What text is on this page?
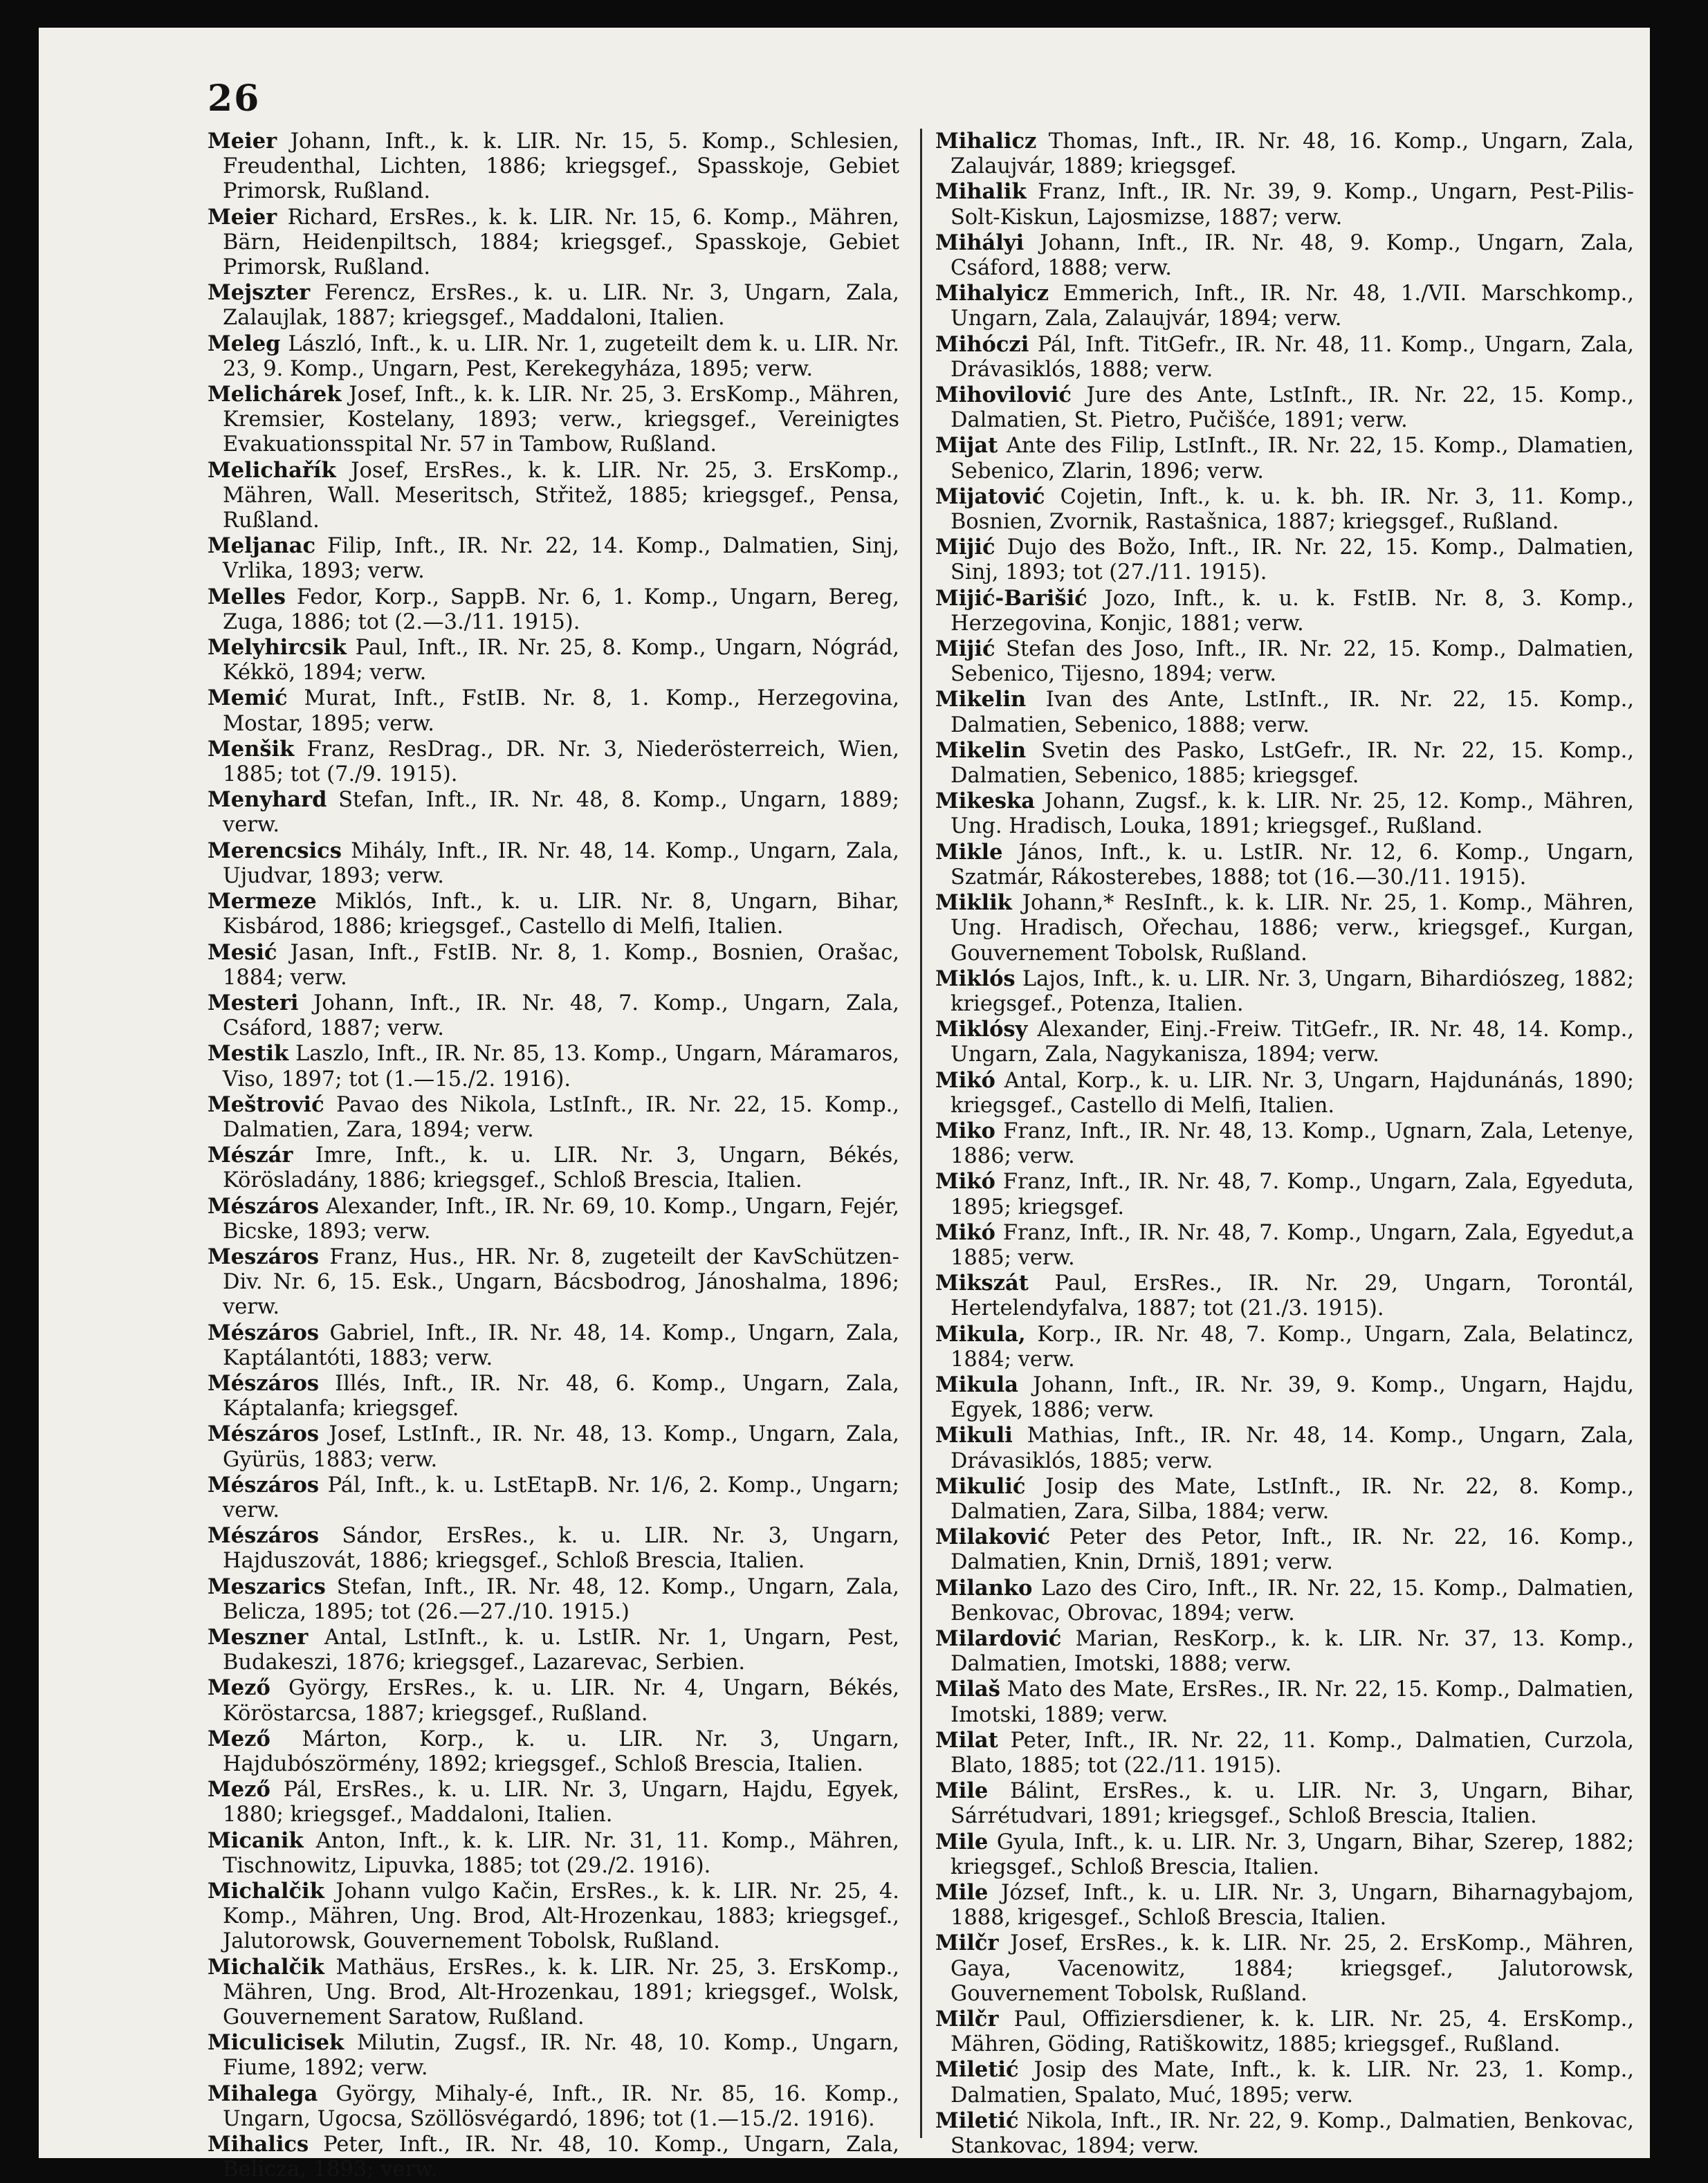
26

Meier Johann, Inft., k. k. LIR. Nr. 15, 5. Komp., Schlesien, Freudenthal, Lichten, 1886; kriegsgef., Spasskoje, Gebiet Primorsk, Rußland.

Meier Richard, ErsRes., k. k. LIR. Nr. 15, 6. Komp., Mähren, Bärn, Heidenpiltsch, 1884; kriegsgef., Spasskoje, Gebiet Primorsk, Rußland.

Mejszter Ferencz, ErsRes., k. u. LIR. Nr. 3, Ungarn, Zala, Zalaujlak, 1887; kriegsgef., Maddaloni, Italien.

Meleg László, Inft., k. u. LIR. Nr. 1, zugeteilt dem k. u. LIR. Nr. 23, 9. Komp., Ungarn, Pest, Kerekegyháza, 1895; verw.

Melichárek Josef, Inft., k. k. LIR. Nr. 25, 3. ErsKomp., Mähren, Kremsier, Kostelany, 1893; verw., kriegsgef., Vereinigtes Evakuationsspital Nr. 57 in Tambow, Rußland.

Melichařík Josef, ErsRes., k. k. LIR. Nr. 25, 3. ErsKomp., Mähren, Wall. Meseritsch, Střitež, 1885; kriegsgef., Pensa, Rußland.

Meljanac Filip, Inft., IR. Nr. 22, 14. Komp., Dalmatien, Sinj, Vrlika, 1893; verw.

Melles Fedor, Korp., SappB. Nr. 6, 1. Komp., Ungarn, Bereg, Zuga, 1886; tot (2.—3./11. 1915).

Melyhircsik Paul, Inft., IR. Nr. 25, 8. Komp., Ungarn, Nógrád, Kékkö, 1894; verw.

Memić Murat, Inft., FstIB. Nr. 8, 1. Komp., Herzegovina, Mostar, 1895; verw.

Menšik Franz, ResDrag., DR. Nr. 3, Niederösterreich, Wien, 1885; tot (7./9. 1915).

Menyhard Stefan, Inft., IR. Nr. 48, 8. Komp., Ungarn, 1889; verw.

Merencsics Mihály, Inft., IR. Nr. 48, 14. Komp., Ungarn, Zala, Ujudvar, 1893; verw.

Mermeze Miklós, Inft., k. u. LIR. Nr. 8, Ungarn, Bihar, Kisbárod, 1886; kriegsgef., Castello di Melfi, Italien.

Mesić Jasan, Inft., FstIB. Nr. 8, 1. Komp., Bosnien, Orašac, 1884; verw.

Mesteri Johann, Inft., IR. Nr. 48, 7. Komp., Ungarn, Zala, Csáford, 1887; verw.

Mestik Laszlo, Inft., IR. Nr. 85, 13. Komp., Ungarn, Máramaros, Viso, 1897; tot (1.—15./2. 1916).

Meštrović Pavao des Nikola, LstInft., IR. Nr. 22, 15. Komp., Dalmatien, Zara, 1894; verw.

Mészár Imre, Inft., k. u. LIR. Nr. 3, Ungarn, Békés, Körösladány, 1886; kriegsgef., Schloß Brescia, Italien.

Mészáros Alexander, Inft., IR. Nr. 69, 10. Komp., Ungarn, Fejér, Bicske, 1893; verw.

Meszáros Franz, Hus., HR. Nr. 8, zugeteilt der KavSchützen-Div. Nr. 6, 15. Esk., Ungarn, Bácsbodrog, Jánoshalma, 1896; verw.

Mészáros Gabriel, Inft., IR. Nr. 48, 14. Komp., Ungarn, Zala, Kaptálantóti, 1883; verw.

Mészáros Illés, Inft., IR. Nr. 48, 6. Komp., Ungarn, Zala, Káptalanfa; kriegsgef.

Mészáros Josef, LstInft., IR. Nr. 48, 13. Komp., Ungarn, Zala, Gyürüs, 1883; verw.

Mészáros Pál, Inft., k. u. LstEtapB. Nr. 1/6, 2. Komp., Ungarn; verw.

Mészáros Sándor, ErsRes., k. u. LIR. Nr. 3, Ungarn, Hajduszovát, 1886; kriegsgef., Schloß Brescia, Italien.

Meszarics Stefan, Inft., IR. Nr. 48, 12. Komp., Ungarn, Zala, Belicza, 1895; tot (26.—27./10. 1915.)

Meszner Antal, LstInft., k. u. LstIR. Nr. 1, Ungarn, Pest, Budakeszi, 1876; kriegsgef., Lazarevac, Serbien.

Mező György, ErsRes., k. u. LIR. Nr. 4, Ungarn, Békés, Köröstarcsa, 1887; kriegsgef., Rußland.

Mező Márton, Korp., k. u. LIR. Nr. 3, Ungarn, Hajdubószörmény, 1892; kriegsgef., Schloß Brescia, Italien.

Mező Pál, ErsRes., k. u. LIR. Nr. 3, Ungarn, Hajdu, Egyek, 1880; kriegsgef., Maddaloni, Italien.

Micanik Anton, Inft., k. k. LIR. Nr. 31, 11. Komp., Mähren, Tischnowitz, Lipuvka, 1885; tot (29./2. 1916).

Michalčik Johann vulgo Kačin, ErsRes., k. k. LIR. Nr. 25, 4. Komp., Mähren, Ung. Brod, Alt-Hrozenkau, 1883; kriegsgef., Jalutorowsk, Gouvernement Tobolsk, Rußland.

Michalčik Mathäus, ErsRes., k. k. LIR. Nr. 25, 3. ErsKomp., Mähren, Ung. Brod, Alt-Hrozenkau, 1891; kriegsgef., Wolsk, Gouvernement Saratow, Rußland.

Miculicisek Milutin, Zugsf., IR. Nr. 48, 10. Komp., Ungarn, Fiume, 1892; verw.

Mihalega György, Mihaly-é, Inft., IR. Nr. 85, 16. Komp., Ungarn, Ugocsa, Szöllösvégardó, 1896; tot (1.—15./2. 1916).

Mihalics Peter, Inft., IR. Nr. 48, 10. Komp., Ungarn, Zala, Belicza, 1893; verw.

Mihalicz Thomas, Inft., IR. Nr. 48, 16. Komp., Ungarn, Zala, Zalaujvár, 1889; kriegsgef.

Mihalik Franz, Inft., IR. Nr. 39, 9. Komp., Ungarn, Pest-Pilis-Solt-Kiskun, Lajosmizse, 1887; verw.

Mihályi Johann, Inft., IR. Nr. 48, 9. Komp., Ungarn, Zala, Csáford, 1888; verw.

Mihalyicz Emmerich, Inft., IR. Nr. 48, 1./VII. Marschkomp., Ungarn, Zala, Zalaujvár, 1894; verw.

Mihóczi Pál, Inft. TitGefr., IR. Nr. 48, 11. Komp., Ungarn, Zala, Drávasiklós, 1888; verw.

Mihovilović Jure des Ante, LstInft., IR. Nr. 22, 15. Komp., Dalmatien, St. Pietro, Pučišće, 1891; verw.

Mijat Ante des Filip, LstInft., IR. Nr. 22, 15. Komp., Dlamatien, Sebenico, Zlarin, 1896; verw.

Mijatović Cojetin, Inft., k. u. k. bh. IR. Nr. 3, 11. Komp., Bosnien, Zvornik, Rastašnica, 1887; kriegsgef., Rußland.

Mijić Dujo des Božo, Inft., IR. Nr. 22, 15. Komp., Dalmatien, Sinj, 1893; tot (27./11. 1915).

Mijić-Barišić Jozo, Inft., k. u. k. FstIB. Nr. 8, 3. Komp., Herzegovina, Konjic, 1881; verw.

Mijić Stefan des Joso, Inft., IR. Nr. 22, 15. Komp., Dalmatien, Sebenico, Tijesno, 1894; verw.

Mikelin Ivan des Ante, LstInft., IR. Nr. 22, 15. Komp., Dalmatien, Sebenico, 1888; verw.

Mikelin Svetin des Pasko, LstGefr., IR. Nr. 22, 15. Komp., Dalmatien, Sebenico, 1885; kriegsgef.

Mikeska Johann, Zugsf., k. k. LIR. Nr. 25, 12. Komp., Mähren, Ung. Hradisch, Louka, 1891; kriegsgef., Rußland.

Mikle János, Inft., k. u. LstIR. Nr. 12, 6. Komp., Ungarn, Szatmár, Rákosterebes, 1888; tot (16.—30./11. 1915).

Miklik Johann,* ResInft., k. k. LIR. Nr. 25, 1. Komp., Mähren, Ung. Hradisch, Ořechau, 1886; verw., kriegsgef., Kurgan, Gouvernement Tobolsk, Rußland.

Miklós Lajos, Inft., k. u. LIR. Nr. 3, Ungarn, Bihardiószeg, 1882; kriegsgef., Potenza, Italien.

Miklósy Alexander, Einj.-Freiw. TitGefr., IR. Nr. 48, 14. Komp., Ungarn, Zala, Nagykanisza, 1894; verw.

Mikó Antal, Korp., k. u. LIR. Nr. 3, Ungarn, Hajdunánás, 1890; kriegsgef., Castello di Melfi, Italien.

Miko Franz, Inft., IR. Nr. 48, 13. Komp., Ugnarn, Zala, Letenye, 1886; verw.

Mikó Franz, Inft., IR. Nr. 48, 7. Komp., Ungarn, Zala, Egyeduta, 1895; kriegsgef.

Mikó Franz, Inft., IR. Nr. 48, 7. Komp., Ungarn, Zala, Egyedut,a 1885; verw.

Mikszát Paul, ErsRes., IR. Nr. 29, Ungarn, Torontál, Hertelendyfalva, 1887; tot (21./3. 1915).

Mikula, Korp., IR. Nr. 48, 7. Komp., Ungarn, Zala, Belatincz, 1884; verw.

Mikula Johann, Inft., IR. Nr. 39, 9. Komp., Ungarn, Hajdu, Egyek, 1886; verw.

Mikuli Mathias, Inft., IR. Nr. 48, 14. Komp., Ungarn, Zala, Drávasiklós, 1885; verw.

Mikulić Josip des Mate, LstInft., IR. Nr. 22, 8. Komp., Dalmatien, Zara, Silba, 1884; verw.

Milaković Peter des Petor, Inft., IR. Nr. 22, 16. Komp., Dalmatien, Knin, Drniš, 1891; verw.

Milanko Lazo des Ciro, Inft., IR. Nr. 22, 15. Komp., Dalmatien, Benkovac, Obrovac, 1894; verw.

Milardović Marian, ResKorp., k. k. LIR. Nr. 37, 13. Komp., Dalmatien, Imotski, 1888; verw.

Milaš Mato des Mate, ErsRes., IR. Nr. 22, 15. Komp., Dalmatien, Imotski, 1889; verw.

Milat Peter, Inft., IR. Nr. 22, 11. Komp., Dalmatien, Curzola, Blato, 1885; tot (22./11. 1915).

Mile Bálint, ErsRes., k. u. LIR. Nr. 3, Ungarn, Bihar, Sárrétudvari, 1891; kriegsgef., Schloß Brescia, Italien.

Mile Gyula, Inft., k. u. LIR. Nr. 3, Ungarn, Bihar, Szerep, 1882; kriegsgef., Schloß Brescia, Italien.

Mile József, Inft., k. u. LIR. Nr. 3, Ungarn, Biharnagybajom, 1888, krigesgef., Schloß Brescia, Italien.

Milčr Josef, ErsRes., k. k. LIR. Nr. 25, 2. ErsKomp., Mähren, Gaya, Vacenowitz, 1884; kriegsgef., Jalutorowsk, Gouvernement Tobolsk, Rußland.

Milčr Paul, Offiziersdiener, k. k. LIR. Nr. 25, 4. ErsKomp., Mähren, Göding, Ratiškowitz, 1885; kriegsgef., Rußland.

Miletić Josip des Mate, Inft., k. k. LIR. Nr. 23, 1. Komp., Dalmatien, Spalato, Muć, 1895; verw.

Miletić Nikola, Inft., IR. Nr. 22, 9. Komp., Dalmatien, Benkovac, Stankovac, 1894; verw.
